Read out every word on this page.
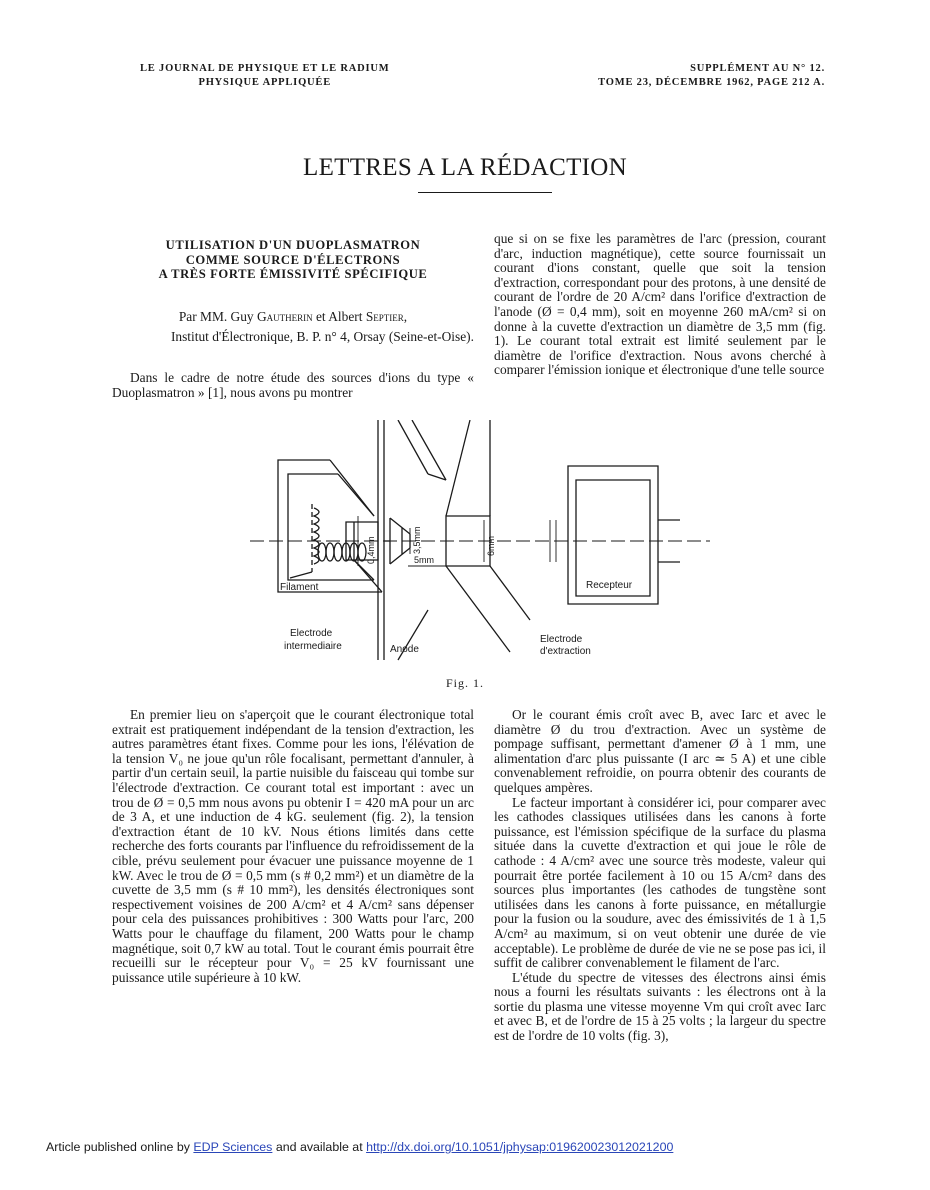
LE JOURNAL DE PHYSIQUE ET LE RADIUM
PHYSIQUE APPLIQUÉE
SUPPLÉMENT AU N° 12.
TOME 23, DÉCEMBRE 1962, PAGE 212 A.
LETTRES A LA RÉDACTION
UTILISATION D'UN DUOPLASMATRON
COMME SOURCE D'ÉLECTRONS
A TRÈS FORTE ÉMISSIVITÉ SPÉCIFIQUE
Par MM. Guy Gautherin et Albert Septier,
Institut d'Électronique, B. P. n° 4, Orsay (Seine-et-Oise).

Dans le cadre de notre étude des sources d'ions du type « Duoplasmatron » [1], nous avons pu montrer

que si on se fixe les paramètres de l'arc (pression, courant d'arc, induction magnétique), cette source fournissait un courant d'ions constant, quelle que soit la tension d'extraction, correspondant pour des protons, à une densité de courant de l'ordre de 20 A/cm² dans l'orifice d'extraction de l'anode (Ø = 0,4 mm), soit en moyenne 260 mA/cm² si on donne à la cuvette d'extraction un diamètre de 3,5 mm (fig. 1). Le courant total extrait est limité seulement par le diamètre de l'orifice d'extraction. Nous avons cherché à comparer l'émission ionique et électronique d'une telle source

Filament	Recepteur
Electrode
intermediaire	Anode
Electrode
d'extraction
0,4mm	3,5mm
5mm
6mm
Fig. 1.

En premier lieu on s'aperçoit que le courant électronique total extrait est pratiquement indépendant de la tension d'extraction, les autres paramètres étant fixes. Comme pour les ions, l'élévation de la tension V₀ ne joue qu'un rôle focalisant, permettant d'annuler, à partir d'un certain seuil, la partie nuisible du faisceau qui tombe sur l'électrode d'extraction. Ce courant total est important : avec un trou de Ø = 0,5 mm nous avons pu obtenir I = 420 mA pour un arc de 3 A, et une induction de 4 kG. seulement (fig. 2), la tension d'extraction étant de 10 kV. Nous étions limités dans cette recherche des forts courants par l'influence du refroidissement de la cible, prévu seulement pour évacuer une puissance moyenne de 1 kW. Avec le trou de Ø = 0,5 mm (s # 0,2 mm²) et un diamètre de la cuvette de 3,5 mm (s # 10 mm²), les densités électroniques sont respectivement voisines de 200 A/cm² et 4 A/cm² sans dépenser pour cela des puissances prohibitives : 300 Watts pour l'arc, 200 Watts pour le chauffage du filament, 200 Watts pour le champ magnétique, soit 0,7 kW au total. Tout le courant émis pourrait être recueilli sur le récepteur pour V₀ = 25 kV fournissant une puissance utile supérieure à 10 kW.

Or le courant émis croît avec B, avec Iarc et avec le diamètre Ø du trou d'extraction. Avec un système de pompage suffisant, permettant d'amener Ø à 1 mm, une alimentation d'arc plus puissante (I arc ≃ 5 A) et une cible convenablement refroidie, on pourra obtenir des courants de quelques ampères.

Le facteur important à considérer ici, pour comparer avec les cathodes classiques utilisées dans les canons à forte puissance, est l'émission spécifique de la surface du plasma située dans la cuvette d'extraction et qui joue le rôle de cathode : 4 A/cm² avec une source très modeste, valeur qui pourrait être portée facilement à 10 ou 15 A/cm² dans des sources plus importantes (les cathodes de tungstène sont utilisées dans les canons à forte puissance, en métallurgie pour la fusion ou la soudure, avec des émissivités de 1 à 1,5 A/cm² au maximum, si on veut obtenir une durée de vie acceptable). Le problème de durée de vie ne se pose pas ici, il suffit de calibrer convenablement le filament de l'arc.

L'étude du spectre de vitesses des électrons ainsi émis nous a fourni les résultats suivants : les électrons ont à la sortie du plasma une vitesse moyenne Vm qui croît avec Iarc et avec B, et de l'ordre de 15 à 25 volts ; la largeur du spectre est de l'ordre de 10 volts (fig. 3),

Article published online by EDP Sciences and available at http://dx.doi.org/10.1051/jphysap:019620023012021200
